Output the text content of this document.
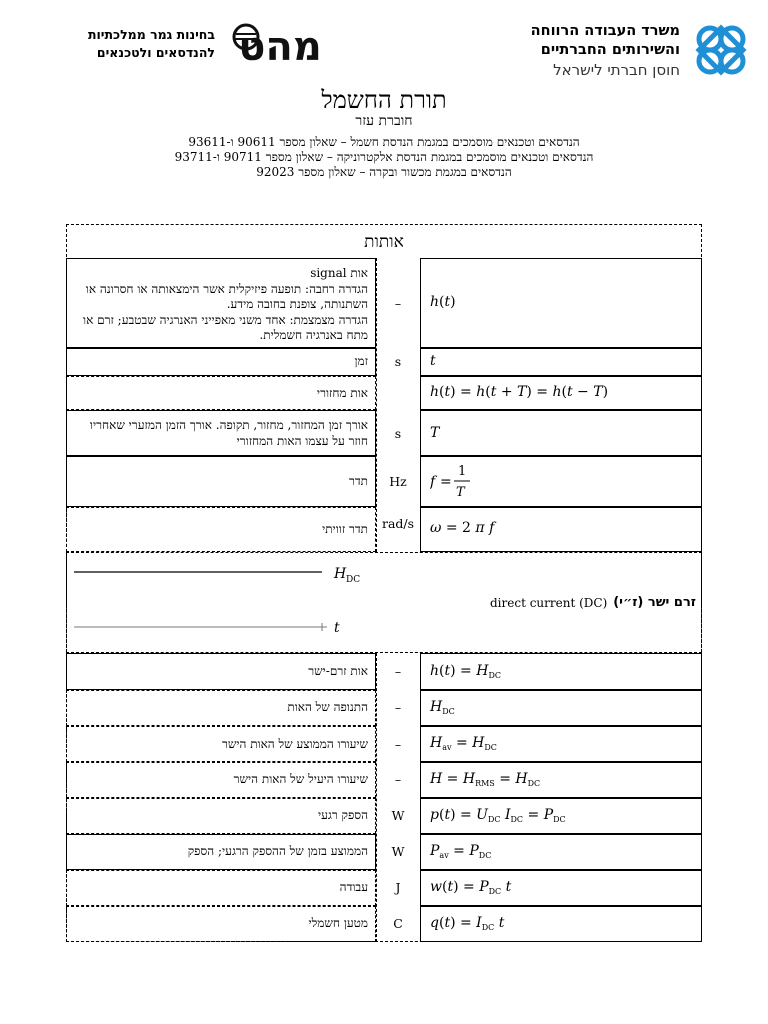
משרד העבודה הרווחה
והשירותים החברתיים
חוסן חברתי לישראל
מהט
בחינות גמר ממלכתיות
להנדסאים ולטכנאים
תורת החשמל
חוברת עזר
הנדסאים וטכנאים מוסמכים במגמת הנדסת חשמל – שאלון מספר 90611 ו-93611
הנדסאים וטכנאים מוסמכים במגמת הנדסת אלקטרוניקה – שאלון מספר 90711 ו-93711
הנדסאים במגמת מכשור ובקרה – שאלון מספר 92023
אותות
אות signal
הגדרה רחבה: תופעה פיזיקלית אשר הימצאותה או חסרונה או השתנותה, צופנת בחובה מידע.
הגדרה מצמצמת: אחד משני מאפייני האנרגיה שבטבע; זרם או מתח באנרגיה חשמלית.
–	h(t)
זמן	s	t
אות מחזורי	h(t) = h(t + T) = h(t − T)
אורך זמן המחזור, מחזור, תקופה. אורך הזמן המזערי שאחריו חוזר על עצמו האות המחזורי	s	T
תדר	Hz	f =
1
T
תדר זוויתי	rad/s	ω = 2 π f
H DC
t
זרם ישר (ז״י)
direct current (DC)
אות זרם-ישר	–	$h(t) = H_{DC}$
התנופה של האות	–	$H_{DC}$
שיעורו הממוצע של האות הישר	–	$H_{av} = H_{DC}$
שיעורו היעיל של האות הישר	–	$H = H_{RMS} = H_{DC}$
הספק רגעי	W	$p(t) = U_{DC}$ $I_{DC} = P_{DC}$
הממוצע בזמן של ההספק הרגעי; הספק	W	$P_{av} = P_{DC}$
עבודה	J	$w(t) = P_{DC}$ t
מטען חשמלי	C	$q(t) = I_{DC}$ t
